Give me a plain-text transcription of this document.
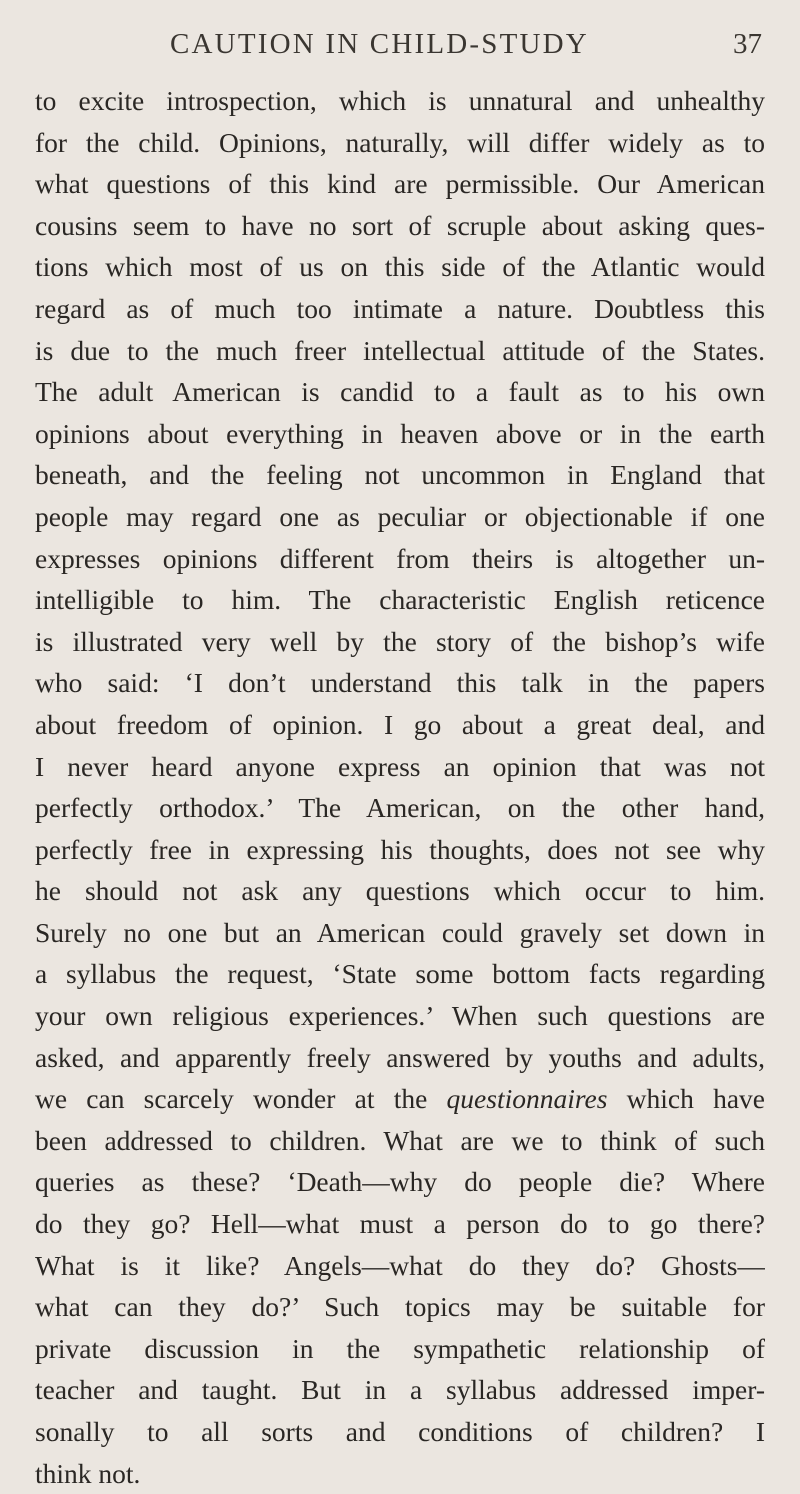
CAUTION IN CHILD-STUDY	37
to excite introspection, which is unnatural and unhealthy
for the child. Opinions, naturally, will differ widely as to
what questions of this kind are permissible. Our American
cousins seem to have no sort of scruple about asking ques-
tions which most of us on this side of the Atlantic would
regard as of much too intimate a nature. Doubtless this
is due to the much freer intellectual attitude of the States.
The adult American is candid to a fault as to his own
opinions about everything in heaven above or in the earth
beneath, and the feeling not uncommon in England that
people may regard one as peculiar or objectionable if one
expresses opinions different from theirs is altogether un-
intelligible to him. The characteristic English reticence
is illustrated very well by the story of the bishop’s wife
who said: ‘I don’t understand this talk in the papers
about freedom of opinion. I go about a great deal, and
I never heard anyone express an opinion that was not
perfectly orthodox.’ The American, on the other hand,
perfectly free in expressing his thoughts, does not see why
he should not ask any questions which occur to him.
Surely no one but an American could gravely set down in
a syllabus the request, ‘State some bottom facts regarding
your own religious experiences.’ When such questions are
asked, and apparently freely answered by youths and adults,
we can scarcely wonder at the questionnaires which have
been addressed to children. What are we to think of such
queries as these? ‘Death—why do people die? Where
do they go? Hell—what must a person do to go there?
What is it like? Angels—what do they do? Ghosts—
what can they do?’ Such topics may be suitable for
private discussion in the sympathetic relationship of
teacher and taught. But in a syllabus addressed imper-
sonally to all sorts and conditions of children? I
think not.
